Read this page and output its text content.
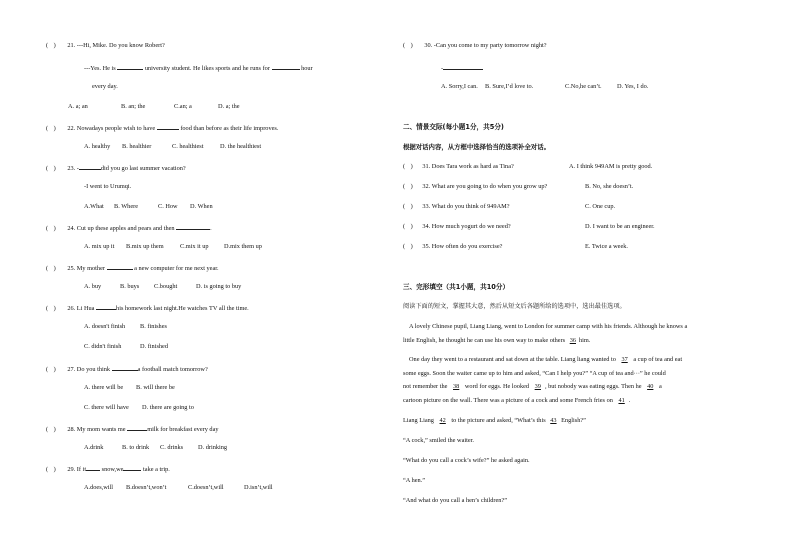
( ) 21. ---Hi, Mike. Do you know Robert?
---Yes. He is	university student. He likes sports and he runs for	hour
every day.
A. a; an	B. an; the	C.an; a	D. a; the
( ) 22. Nowadays people wish to have	food than before as their life improves.
A. healthy B. healthier	C. healthiest	D. the healthiest
( ) 23. -	did you go last summer vacation?
-I went to Urumqi.
A.What B. Where	C. How D. When
( ) 24. Cut up these apples and pears and then	.
A. mix up it B.mix up them	C.mix it up D.mix them up
( ) 25. My mother	a new computer for me next year.
A. buy	B. buys C.bought	D. is going to buy
( ) 26. Li Hua	his homework last night.He watches TV all the time.
A. doesn't finish B. finishes
C. didn't finish	D. finished
( ) 27. Do you think	a football match tomorrow?
A. there will be B. will there be
C. there will have D. there are going to
( ) 28. My mom wants me	milk for breakfast every day
A.drink	B. to drink C. drinks D. drinking
( ) 29. If it snow,we	take a trip.
A.does,will B.doesn’t,won’t	C.doesn’t,will	D.isn’t,will
( ) 30. -Can you come to my party tomorrow night?
-
A. Sorry,I can. B. Sure,I’d love to.	C.No,he can’t. D. Yes, I do.
二、情景交际(每小题1分，共5分)
根据对话内容，从方框中选择恰当的选项补全对话。
( ) 31. Does Tara work as hard as Tina?	A. I think 949AM is pretty good.
( ) 32. What are you going to do when you grow up?	B. No, she doesn’t.
( ) 33. What do you think of 949AM?	C. One cup.
( ) 34. How much yogurt do we need?	D. I want to be an engineer.
( ) 35. How often do you exercise?	E. Twice a week.
三、完形填空（共1小题，共10分）
阅读下面的短文，掌握其大意，然后从短文后各题所给的选项中，选出最佳选项。
A lovely Chinese pupil, Liang Liang, went to London for summer camp with his friends. Although he knows a
little English, he thought he can use his own way to make others 36 him.
One day they went to a restaurant and sat down at the table. Liang liang wanted to 37 a cup of tea and eat
some eggs. Soon the waiter came up to him and asked, “Can I help you?” “A cup of tea and···” he could
not remember the 38 word for eggs. He looked 39 , but nobody was eating eggs. Then he 40 a
cartoon picture on the wall. There was a picture of a cock and some French fries on 41 .
Liang Liang 42 to the picture and asked, “What’s this 43 English?”
“A cock,” smiled the waiter.
“What do you call a cock’s wife?” he asked again.
“A hen.”
“And what do you call a hen’s children?”
